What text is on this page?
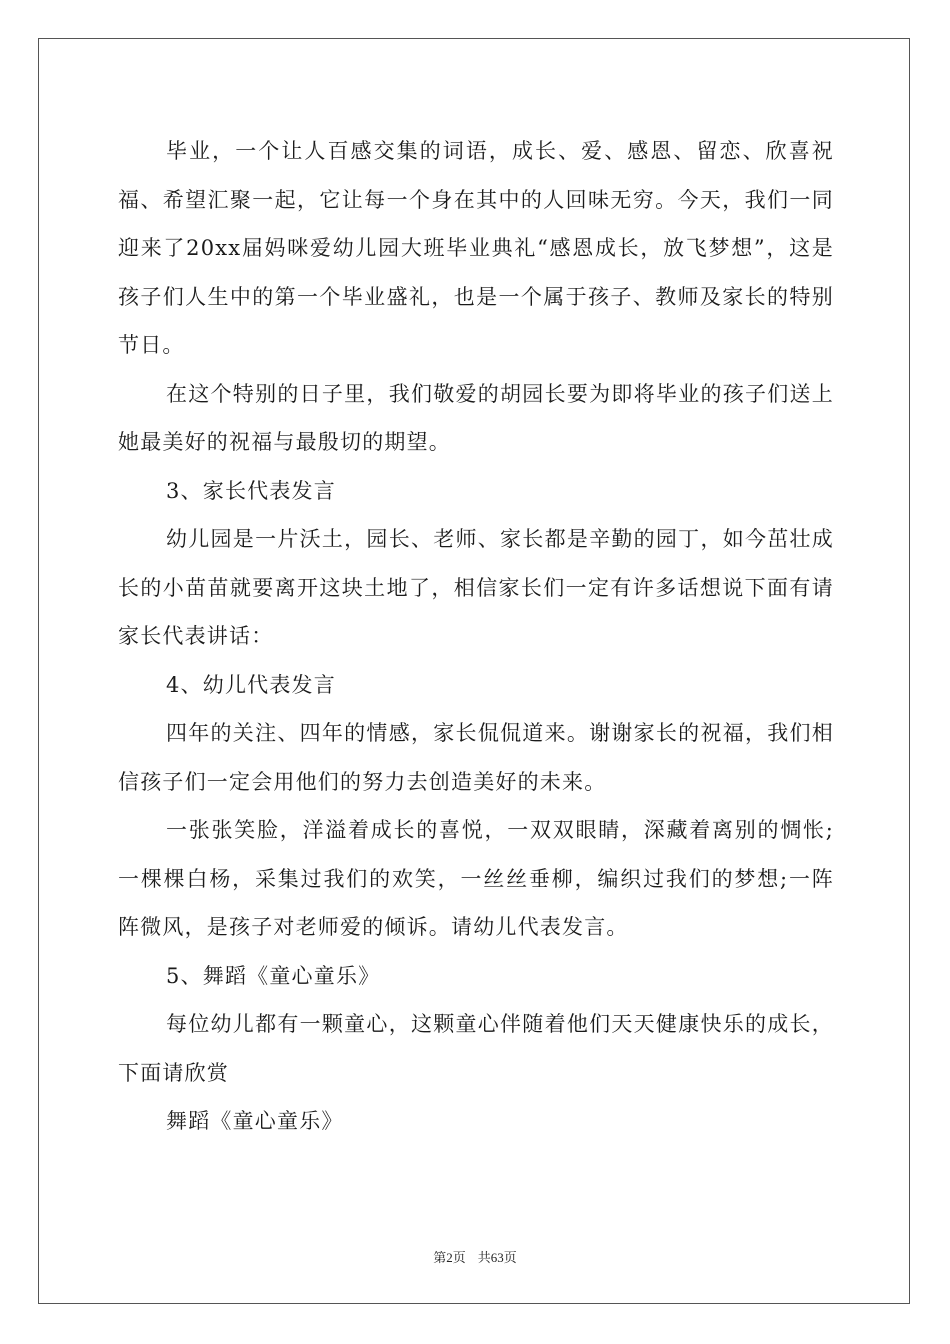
毕业，一个让人百感交集的词语，成长、爱、感恩、留恋、欣喜祝福、希望汇聚一起，它让每一个身在其中的人回味无穷。今天，我们一同迎来了20xx届妈咪爱幼儿园大班毕业典礼“感恩成长，放飞梦想”，这是孩子们人生中的第一个毕业盛礼，也是一个属于孩子、教师及家长的特别节日。

在这个特别的日子里，我们敬爱的胡园长要为即将毕业的孩子们送上她最美好的祝福与最殷切的期望。

3、家长代表发言

幼儿园是一片沃土，园长、老师、家长都是辛勤的园丁，如今茁壮成长的小苗苗就要离开这块土地了，相信家长们一定有许多话想说下面有请家长代表讲话：

4、幼儿代表发言

四年的关注、四年的情感，家长侃侃道来。谢谢家长的祝福，我们相信孩子们一定会用他们的努力去创造美好的未来。

一张张笑脸，洋溢着成长的喜悦，一双双眼睛，深藏着离别的惆怅;一棵棵白杨，采集过我们的欢笑，一丝丝垂柳，编织过我们的梦想;一阵阵微风，是孩子对老师爱的倾诉。请幼儿代表发言。

5、舞蹈《童心童乐》

每位幼儿都有一颗童心，这颗童心伴随着他们天天健康快乐的成长，下面请欣赏

舞蹈《童心童乐》

第2页 共63页
